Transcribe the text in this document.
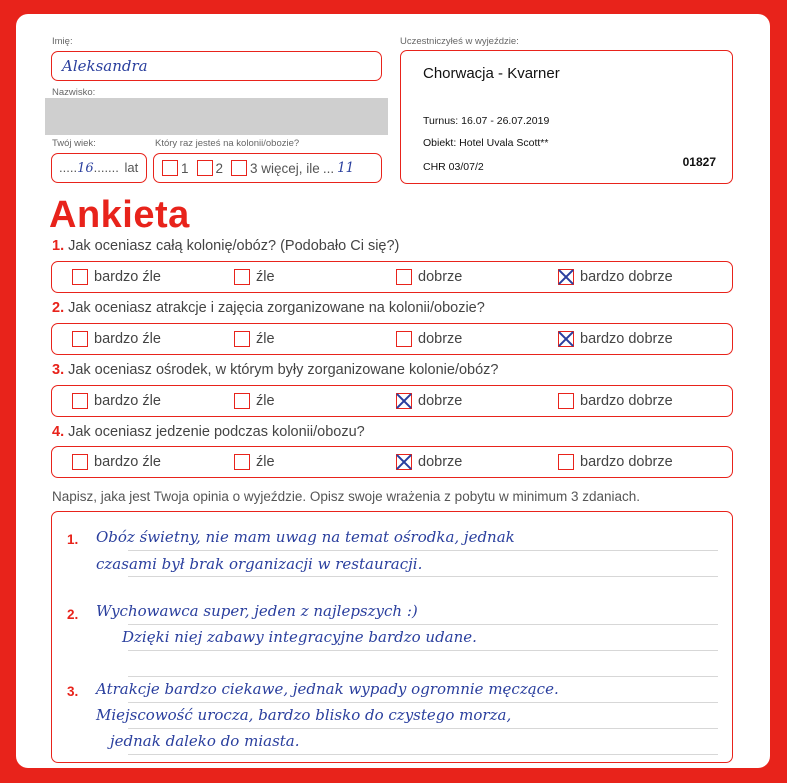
Imię:
Aleksandra
Nazwisko:
Twój wiek:
.....16....... lat
Który raz jesteś na kolonii/obozie?
1 2 3 więcej, ile ... 11
Uczestniczyłeś w wyjeździe:
Chorwacja - Kvarner
Turnus: 16.07 - 26.07.2019
Obiekt: Hotel Uvala Scott**
CHR 03/07/2	01827
Ankieta
1. Jak oceniasz całą kolonię/obóz? (Podobało Ci się?)
bardzo źle	źle	dobrze	bardzo dobrze
2. Jak oceniasz atrakcje i zajęcia zorganizowane na kolonii/obozie?
bardzo źle	źle	dobrze	bardzo dobrze
3. Jak oceniasz ośrodek, w którym były zorganizowane kolonie/obóz?
bardzo źle	źle	dobrze	bardzo dobrze
4. Jak oceniasz jedzenie podczas kolonii/obozu?
bardzo źle	źle	dobrze	bardzo dobrze
Napisz, jaka jest Twoja opinia o wyjeździe. Opisz swoje wrażenia z pobytu w minimum 3 zdaniach.
1. Obóz świetny, nie mam uwag na temat ośrodka, jednak
czasami był brak organizacji w restauracji.
2. Wychowawca super, jeden z najlepszych :)
Dzięki niej zabawy integracyjne bardzo udane.
3. Atrakcje bardzo ciekawe, jednak wypady ogromnie męczące.
Miejscowość urocza, bardzo blisko do czystego morza,
jednak daleko do miasta.
